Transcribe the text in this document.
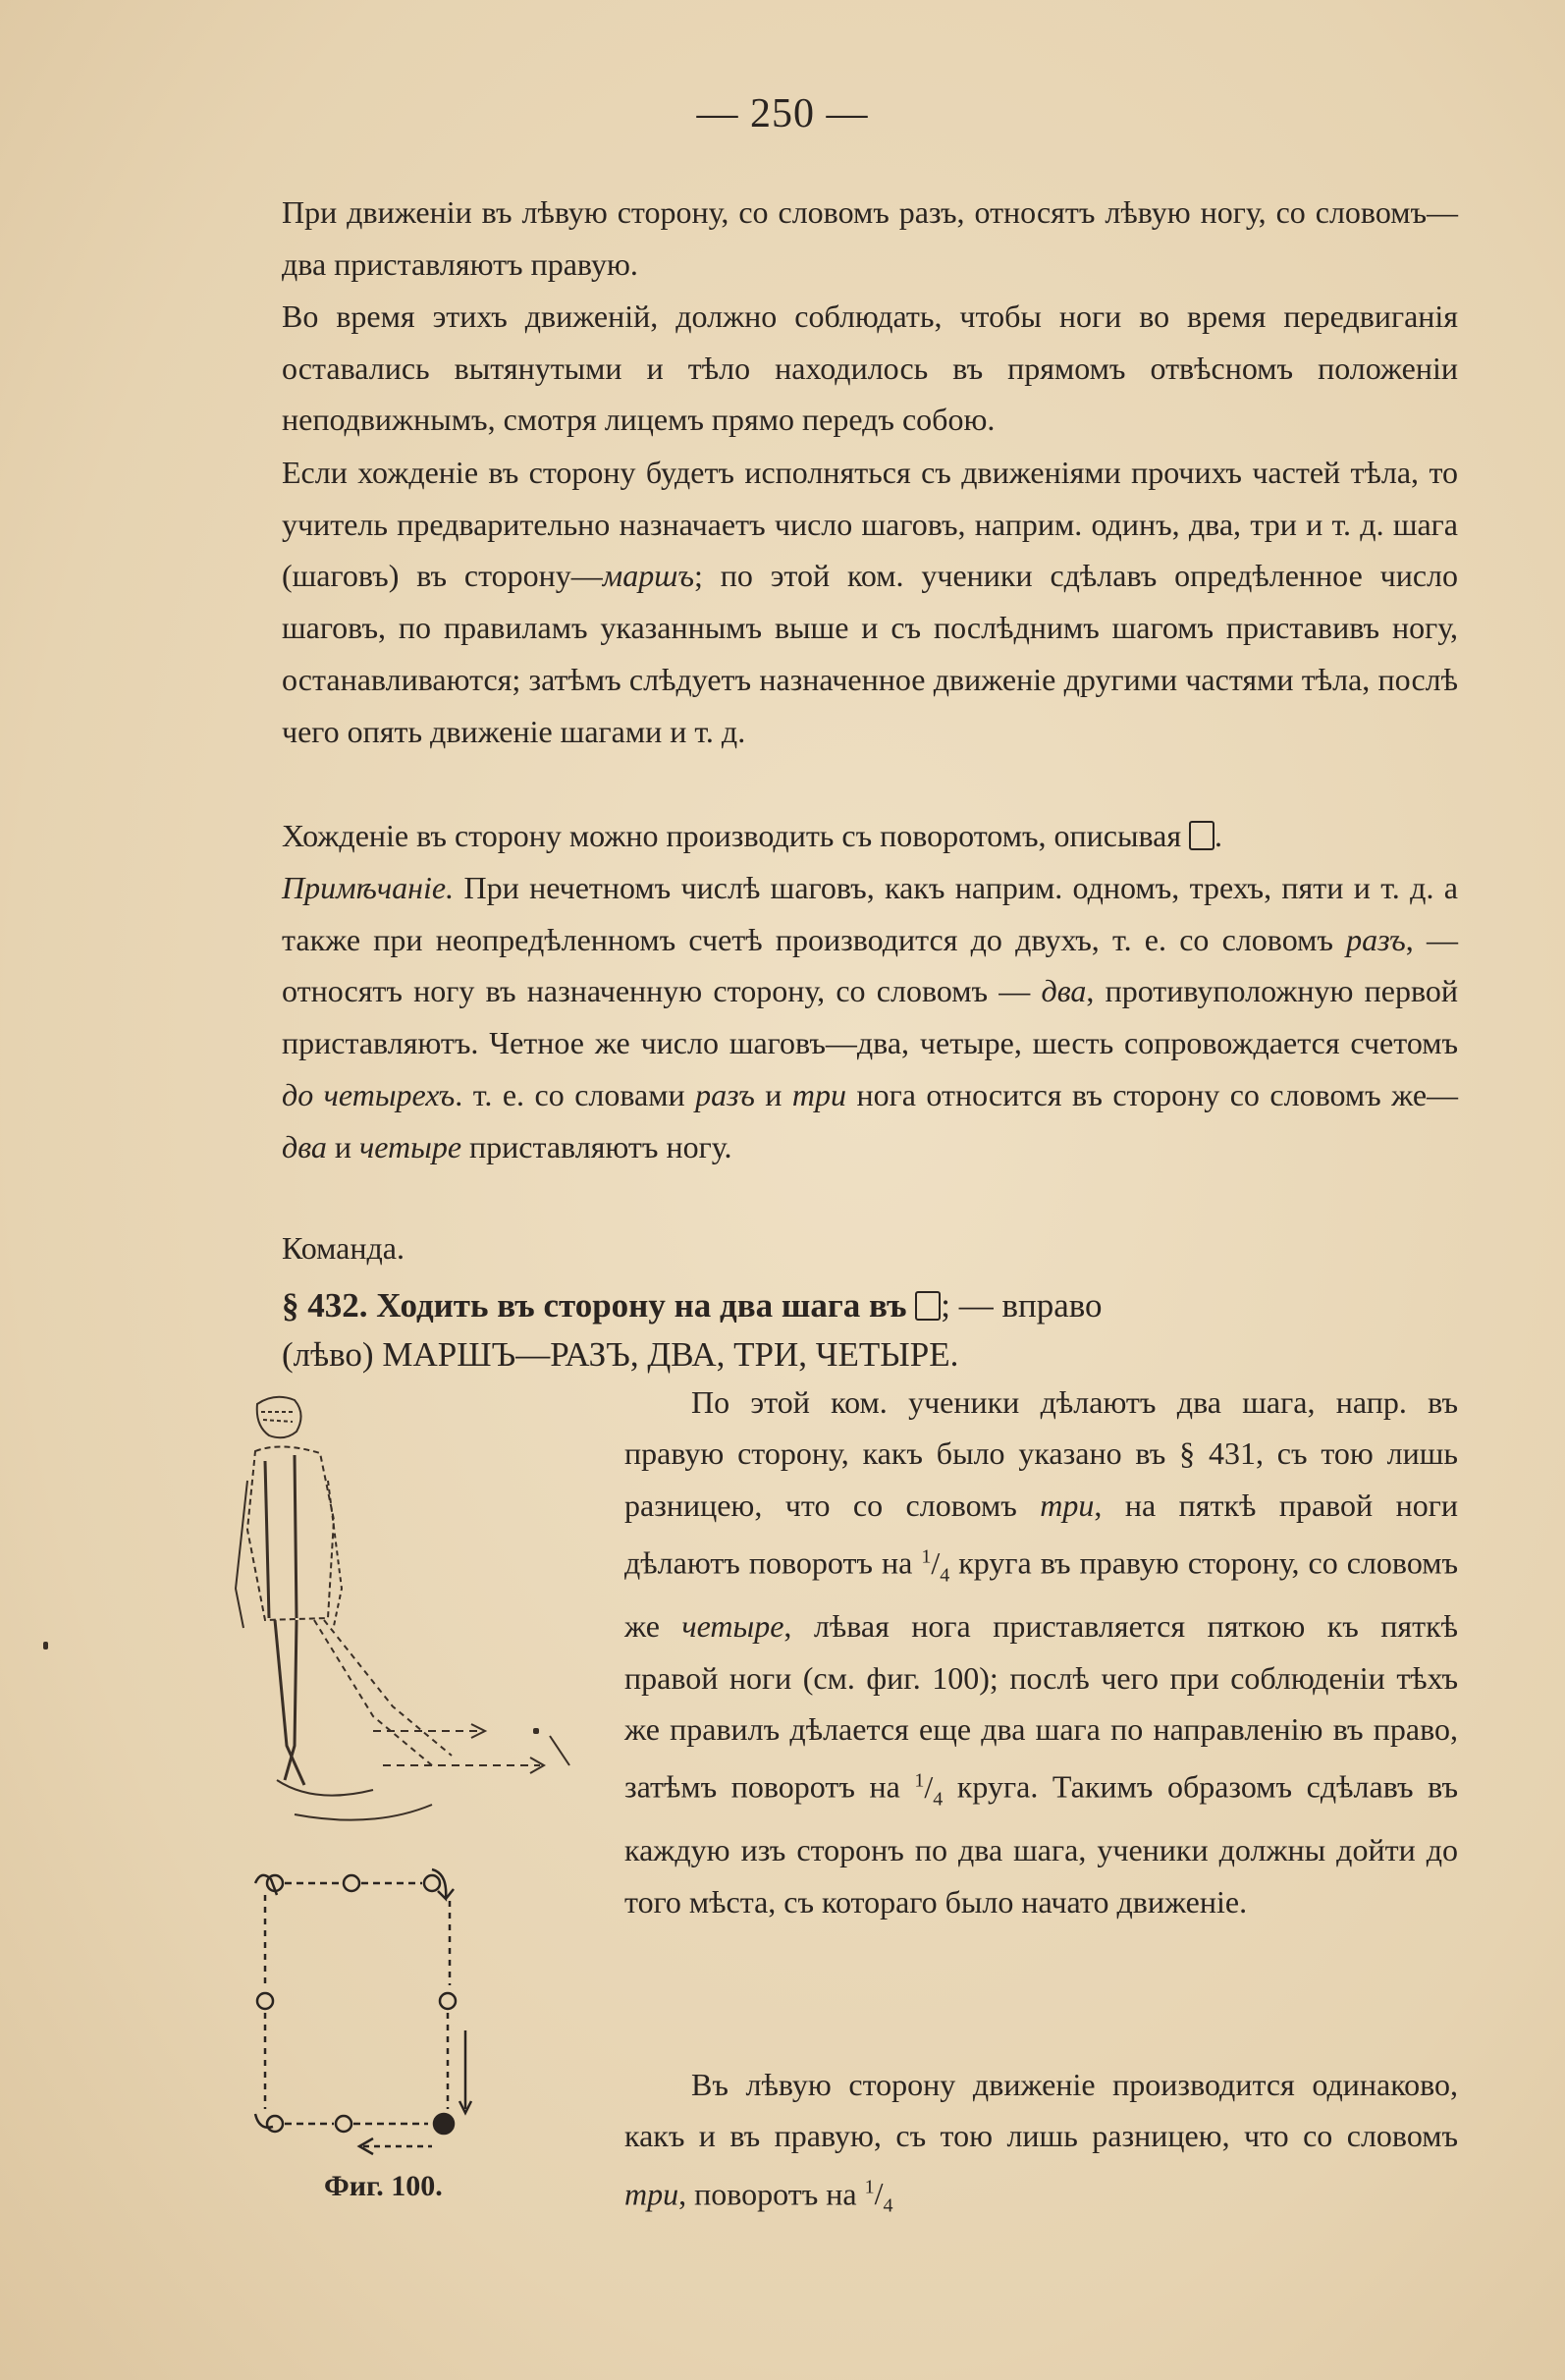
— 250 —
При движеніи въ лѣвую сторону, со словомъ разъ, относятъ лѣвую ногу, со словомъ—два приставляютъ правую.
Во время этихъ движеній, должно соблюдать, чтобы ноги во время передвиганія оставались вытянутыми и тѣло находилось въ прямомъ отвѣсномъ положеніи неподвижнымъ, смотря лицемъ прямо передъ собою.
Если хожденіе въ сторону будетъ исполняться съ движеніями прочихъ частей тѣла, то учитель предварительно назначаетъ число шаговъ, наприм. одинъ, два, три и т. д. шага (шаговъ) въ сторону—маршъ; по этой ком. ученики сдѣлавъ опредѣленное число шаговъ, по правиламъ указаннымъ выше и съ послѣднимъ шагомъ приставивъ ногу, останавливаются; затѣмъ слѣдуетъ назначенное движеніе другими частями тѣла, послѣ чего опять движеніе шагами и т. д.
Хожденіе въ сторону можно производить съ поворотомъ, описывая .
Примѣчаніе. При нечетномъ числѣ шаговъ, какъ наприм. одномъ, трехъ, пяти и т. д. а также при неопредѣленномъ счетѣ производится до двухъ, т. е. со словомъ разъ, — относятъ ногу въ назначенную сторону, со словомъ — два, противуположную первой приставляютъ. Четное же число шаговъ—два, четыре, шесть сопровождается счетомъ до четырехъ. т. е. со словами разъ и три нога относится въ сторону со словомъ же—два и четыре приставляютъ ногу.
Команда.
§ 432. Ходить въ сторону на два шага въ ; — вправо
(лѣво) МАРШЪ—РАЗЪ, ДВА, ТРИ, ЧЕТЫРЕ.
По этой ком. ученики дѣлаютъ два шага, напр. въ правую сторону, какъ было указано въ § 431, съ тою лишь разницею, что со словомъ три, на пяткѣ правой ноги дѣлаютъ поворотъ на $^1/_4$ круга въ правую сторону, со словомъ же четыре, лѣвая нога приставляется пяткою къ пяткѣ правой ноги (см. фиг. 100); послѣ чего при соблюденіи тѣхъ же правилъ дѣлается еще два шага по направленію въ право, затѣмъ поворотъ на $^1/_4$ круга. Такимъ образомъ сдѣлавъ въ каждую изъ сторонъ по два шага, ученики должны дойти до того мѣста, съ котораго было начато движеніе.
Въ лѣвую сторону движеніе производится одинаково, какъ и въ правую, съ тою лишь разницею, что со словомъ три, поворотъ на $^1/_4$
Фиг. 100.
